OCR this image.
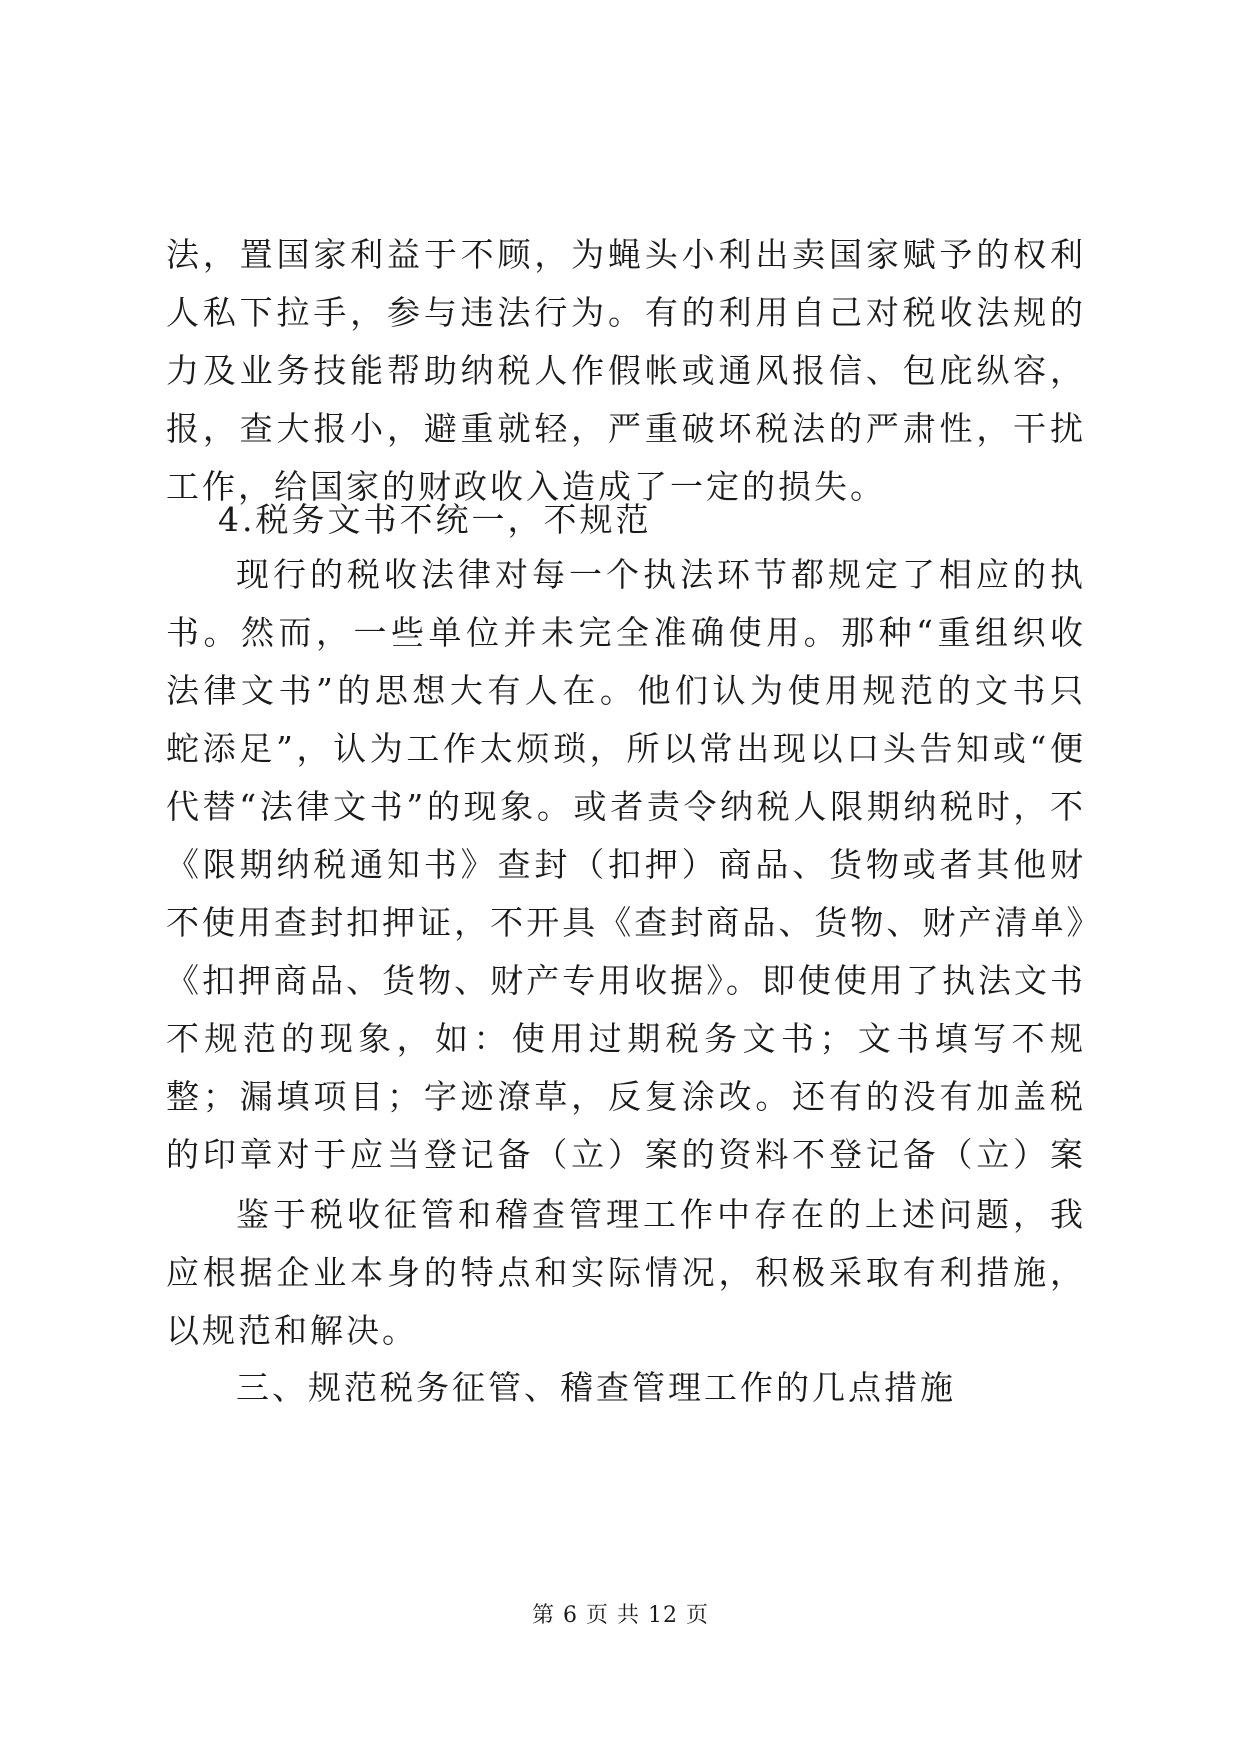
法，置国家利益于不顾，为蝇头小利出卖国家赋予的权利
人私下拉手，参与违法行为。有的利用自己对税收法规的
力及业务技能帮助纳税人作假帐或通风报信、包庇纵容，
报，查大报小，避重就轻，严重破坏税法的严肃性，干扰
工作，给国家的财政收入造成了一定的损失。
4.税务文书不统一，不规范
现行的税收法律对每一个执法环节都规定了相应的执
书。然而，一些单位并未完全准确使用。那种“重组织收
法律文书”的思想大有人在。他们认为使用规范的文书只
蛇添足”，认为工作太烦琐，所以常出现以口头告知或“便
代替“法律文书”的现象。或者责令纳税人限期纳税时，不
《限期纳税通知书》查封（扣押）商品、货物或者其他财
不使用查封扣押证，不开具《查封商品、货物、财产清单》
《扣押商品、货物、财产专用收据》。即使使用了执法文书
不规范的现象，如：使用过期税务文书；文书填写不规
整；漏填项目；字迹潦草，反复涂改。还有的没有加盖税
的印章对于应当登记备（立）案的资料不登记备（立）案
鉴于税收征管和稽查管理工作中存在的上述问题，我
应根据企业本身的特点和实际情况，积极采取有利措施，
以规范和解决。
三、规范税务征管、稽查管理工作的几点措施
第 6 页 共 12 页
